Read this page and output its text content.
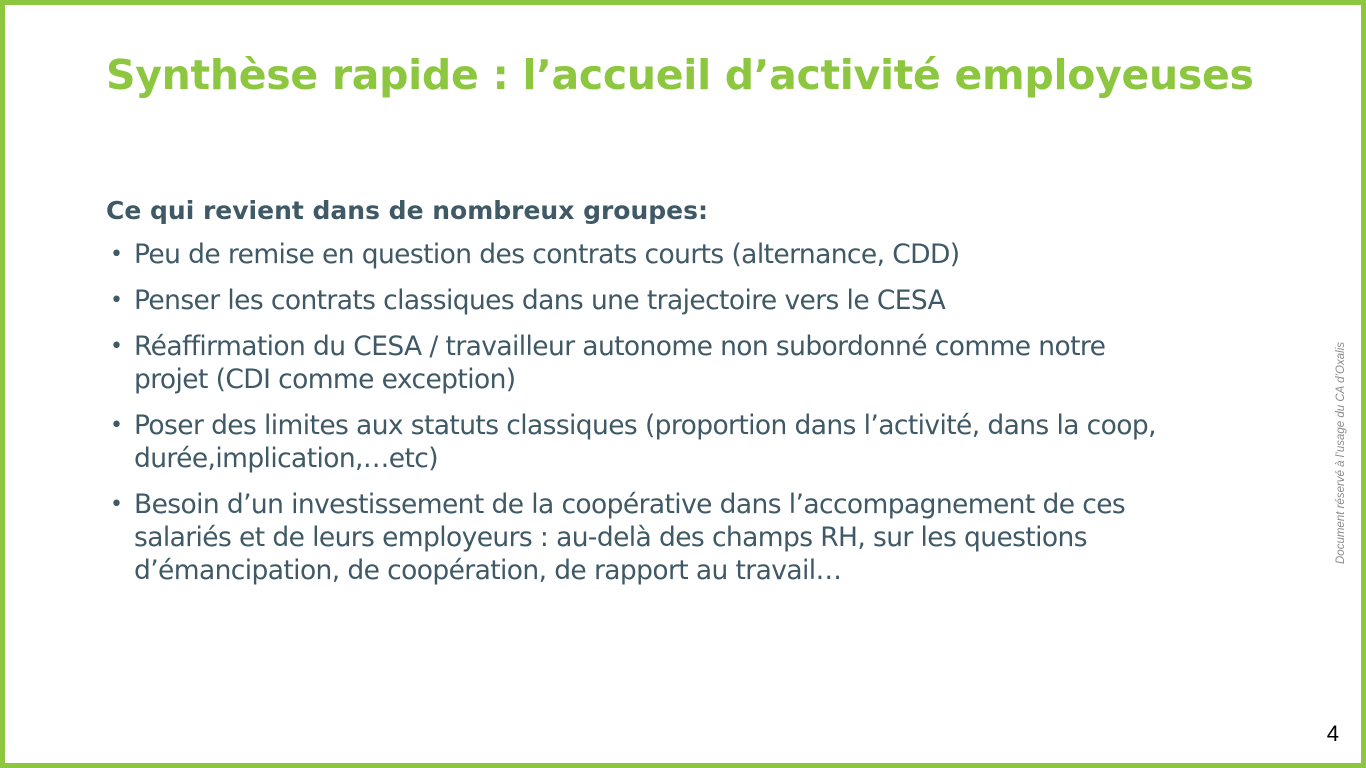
Synthèse rapide : l’accueil d’activité employeuses

Ce qui revient dans de nombreux groupes:

• Peu de remise en question des contrats courts (alternance, CDD)
• Penser les contrats classiques dans une trajectoire vers le CESA
• Réaffirmation du CESA / travailleur autonome non subordonné comme notre projet (CDI comme exception)
• Poser des limites aux statuts classiques (proportion dans l’activité, dans la coop, durée,implication,…etc)
• Besoin d’un investissement de la coopérative dans l’accompagnement de ces salariés et de leurs employeurs : au-delà des champs RH, sur les questions d’émancipation, de coopération, de rapport au travail…
Document réservé à l’usage du CA d’Oxalis
4
